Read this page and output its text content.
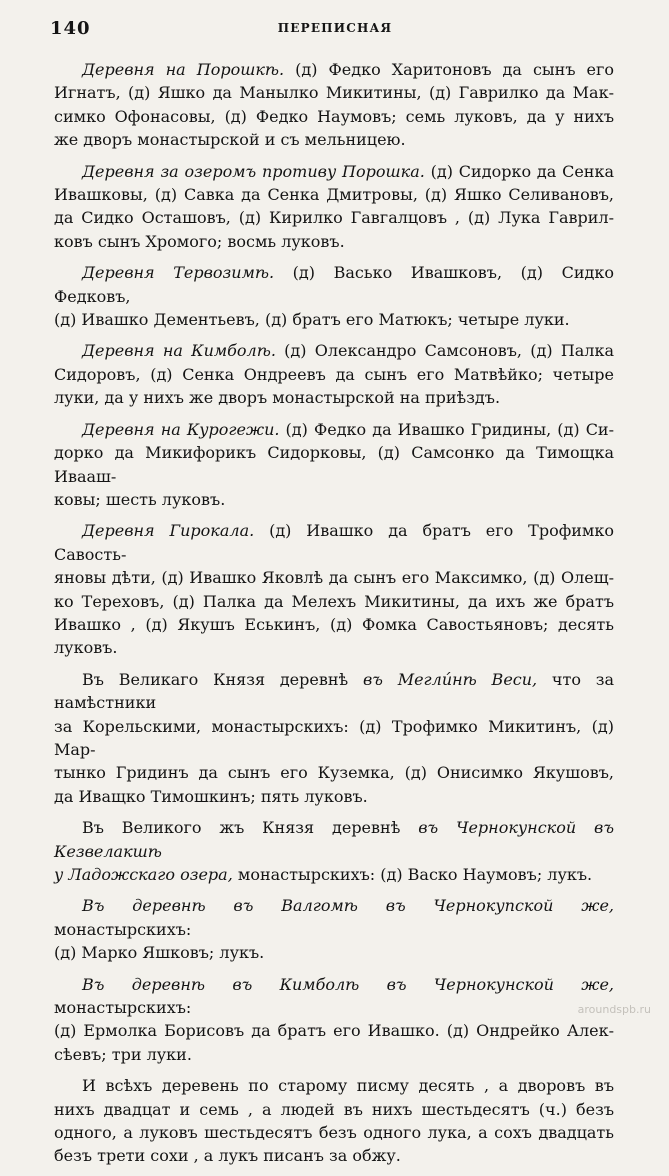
140	ПЕРЕПИСНАЯ
Деревня на Порошкѣ. (д) Федко Харитоновъ да сынъ его
Игнатъ, (д) Яшко да Манылко Микитины, (д) Гаврилко да Мак-
симко Офонасовы, (д) Федко Наумовъ; семь луковъ, да у нихъ
же дворъ монастырской и съ мельницею.
Деревня за озеромъ противу Порошка. (д) Сидорко да Сенка
Ивашковы, (д) Савка да Сенка Дмитровы, (д) Яшко Селивановъ,
да Сидко Осташовъ, (д) Кирилко Гавгалцовъ , (д) Лука Гаврил-
ковъ сынъ Хромого; восмь луковъ.
Деревня Тервозимѣ. (д) Васько Ивашковъ, (д) Сидко Федковъ,
(д) Ивашко Дементьевъ, (д) братъ его Матюкъ; четыре луки.
Деревня на Кимболѣ. (д) Олександро Самсоновъ, (д) Палка
Сидоровъ, (д) Сенка Ондреевъ да сынъ его Матвѣйко; четыре
луки, да у нихъ же дворъ монастырской на приѣздъ.
Деревня на Курогежи. (д) Федко да Ивашко Гридины, (д) Си-
дорко да Микифорикъ Сидорковы, (д) Самсонко да Тимощка Ивааш-
ковы; шесть луковъ.
Деревня Гирокала. (д) Ивашко да братъ его Трофимко Савость-
яновы дѣти, (д) Ивашко Яковлѣ да сынъ его Максимко, (д) Олещ-
ко Тереховъ, (д) Палка да Мелехъ Микитины, да ихъ же братъ
Ивашко , (д) Якушъ Еськинъ, (д) Фомка Савостьяновъ; десять
луковъ.
Въ Великаго Князя деревнѣ въ Мегли́нѣ Веси, что за намѣстники
за Корельскими, монастырскихъ: (д) Трофимко Микитинъ, (д) Мар-
тынко Гридинъ да сынъ его Куземка, (д) Онисимко Якушовъ,
да Иващко Тимошкинъ; пять луковъ.
Въ Великого жъ Князя деревнѣ въ Чернокунской въ Кезвелакшѣ
у Ладожскаго озера, монастырскихъ: (д) Васко Наумовъ; лукъ.
Въ деревнѣ въ Валгомѣ въ Чернокупской же, монастырскихъ:
(д) Марко Яшковъ; лукъ.
Въ деревнѣ въ Кимболѣ въ Чернокунской же, монастырскихъ:
(д) Ермолка Борисовъ да братъ его Ивашко. (д) Ондрейко Алек-
сѣевъ; три луки.
И всѣхъ деревень по старому писму десять , а дворовъ въ
нихъ двадцат и семь , а людей въ нихъ шестьдесятъ (ч.) безъ
одного, а луковъ шестьдесятъ безъ одного лука, а сохъ двадцать
безъ трети сохи , а лукъ писанъ за обжу.
aroundspb.ru
